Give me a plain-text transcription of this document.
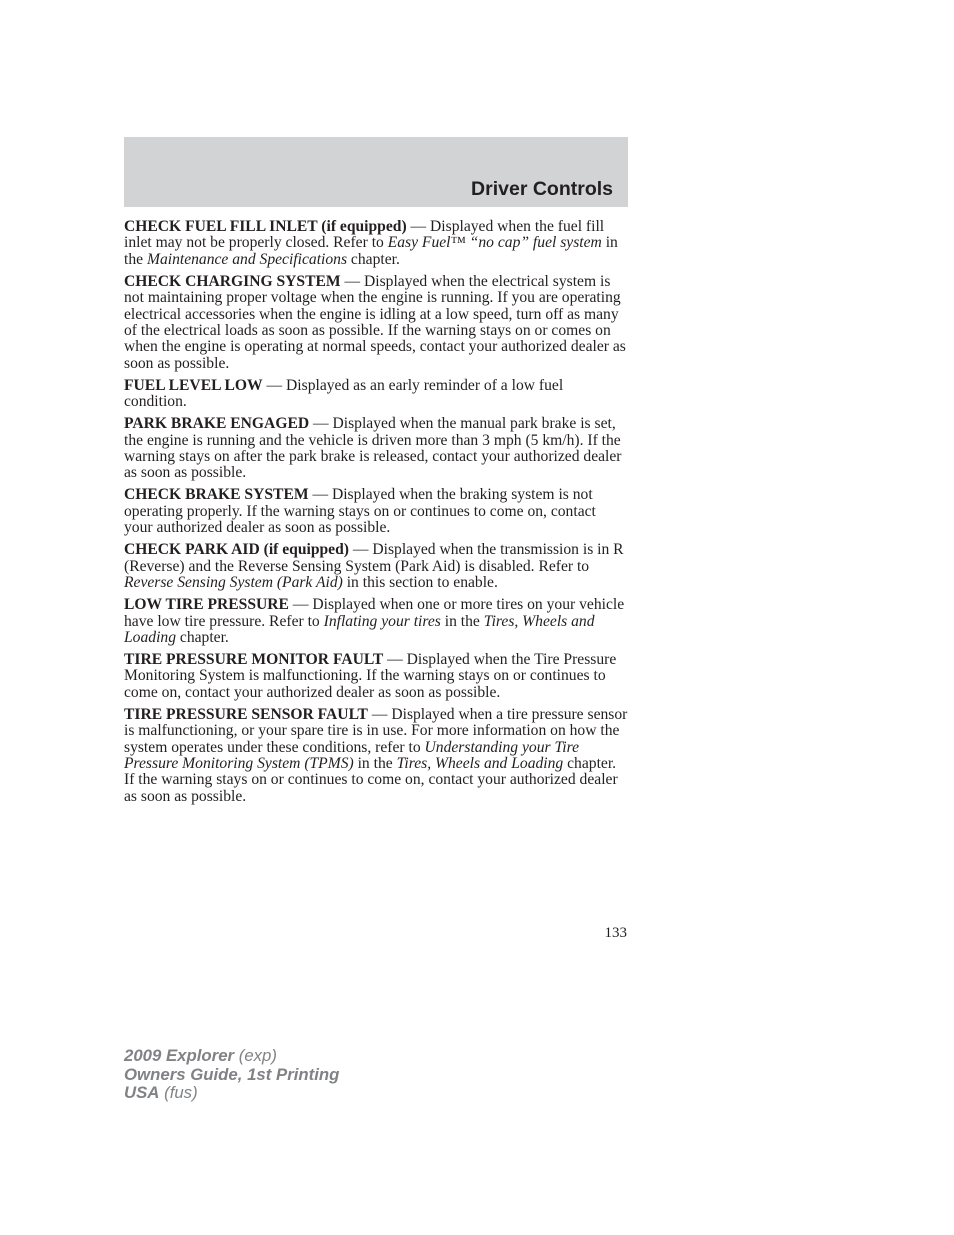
Driver Controls

CHECK FUEL FILL INLET (if equipped) — Displayed when the fuel fill inlet may not be properly closed. Refer to Easy Fuel™ “no cap” fuel system in the Maintenance and Specifications chapter.

CHECK CHARGING SYSTEM — Displayed when the electrical system is not maintaining proper voltage when the engine is running. If you are operating electrical accessories when the engine is idling at a low speed, turn off as many of the electrical loads as soon as possible. If the warning stays on or comes on when the engine is operating at normal speeds, contact your authorized dealer as soon as possible.

FUEL LEVEL LOW — Displayed as an early reminder of a low fuel condition.

PARK BRAKE ENGAGED — Displayed when the manual park brake is set, the engine is running and the vehicle is driven more than 3 mph (5 km/h). If the warning stays on after the park brake is released, contact your authorized dealer as soon as possible.

CHECK BRAKE SYSTEM — Displayed when the braking system is not operating properly. If the warning stays on or continues to come on, contact your authorized dealer as soon as possible.

CHECK PARK AID (if equipped) — Displayed when the transmission is in R (Reverse) and the Reverse Sensing System (Park Aid) is disabled. Refer to Reverse Sensing System (Park Aid) in this section to enable.

LOW TIRE PRESSURE — Displayed when one or more tires on your vehicle have low tire pressure. Refer to Inflating your tires in the Tires, Wheels and Loading chapter.

TIRE PRESSURE MONITOR FAULT — Displayed when the Tire Pressure Monitoring System is malfunctioning. If the warning stays on or continues to come on, contact your authorized dealer as soon as possible.

TIRE PRESSURE SENSOR FAULT — Displayed when a tire pressure sensor is malfunctioning, or your spare tire is in use. For more information on how the system operates under these conditions, refer to Understanding your Tire Pressure Monitoring System (TPMS) in the Tires, Wheels and Loading chapter. If the warning stays on or continues to come on, contact your authorized dealer as soon as possible.

133
2009 Explorer (exp)
Owners Guide, 1st Printing
USA (fus)
